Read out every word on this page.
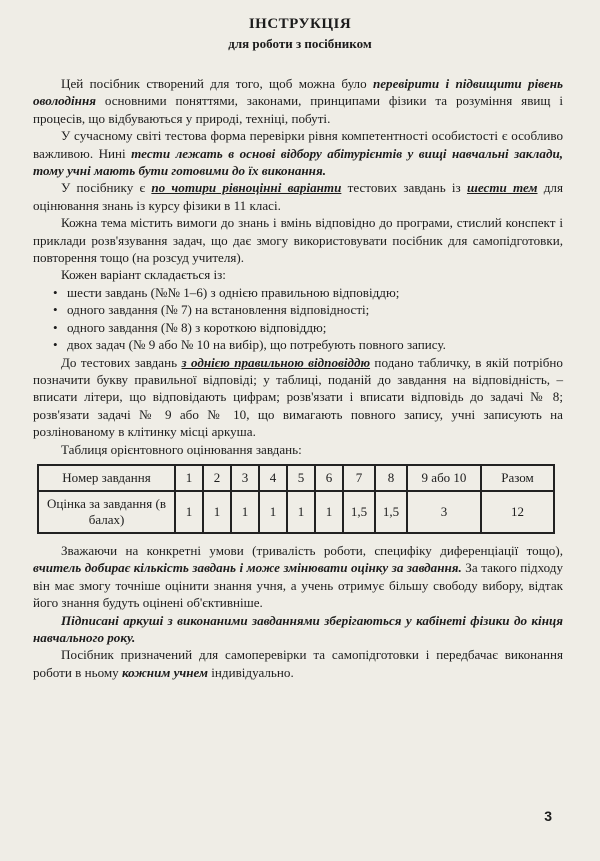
ІНСТРУКЦІЯ
для роботи з посібником

Цей посібник створений для того, щоб можна було перевірити і підвищити рівень оволодіння основними поняттями, законами, принципами фізики та розуміння явищ і процесів, що відбуваються у природі, техніці, побуті.

У сучасному світі тестова форма перевірки рівня компетентності особистості є особливо важливою. Нині тести лежать в основі відбору абітурієнтів у вищі навчальні заклади, тому учні мають бути готовими до їх виконання.

У посібнику є по чотири рівноцінні варіанти тестових завдань із шести тем для оцінювання знань із курсу фізики в 11 класі.

Кожна тема містить вимоги до знань і вмінь відповідно до програми, стислий конспект і приклади розв'язування задач, що дає змогу використовувати посібник для самопідготовки, повторення тощо (на розсуд учителя).

Кожен варіант складається із:

• шести завдань (№№ 1–6) з однією правильною відповіддю;
• одного завдання (№ 7) на встановлення відповідності;
• одного завдання (№ 8) з короткою відповіддю;
• двох задач (№ 9 або № 10 на вибір), що потребують повного запису.

До тестових завдань з однією правильною відповіддю подано табличку, в якій потрібно позначити букву правильної відповіді; у таблиці, поданій до завдання на відповідність, – вписати літери, що відповідають цифрам; розв'язати і вписати відповідь до задачі № 8; розв'язати задачі № 9 або № 10, що вимагають повного запису, учні записують на розлінованому в клітинку місці аркуша.

Таблиця орієнтовного оцінювання завдань:

Номер завдання	1	2	3	4	5	6	7	8	9 або 10	Разом
Оцінка за завдання (в балах)	1	1	1	1	1	1	1,5	1,5	3	12

Зважаючи на конкретні умови (тривалість роботи, специфіку диференціації тощо), вчитель добирає кількість завдань і може змінювати оцінку за завдання. За такого підходу він має змогу точніше оцінити знання учня, а учень отримує більшу свободу вибору, відтак його знання будуть оцінені об'єктивніше.

Підписані аркуші з виконаними завданнями зберігаються у кабінеті фізики до кінця навчального року.

Посібник призначений для самоперевірки та самопідготовки і передбачає виконання роботи в ньому кожним учнем індивідуально.

3
